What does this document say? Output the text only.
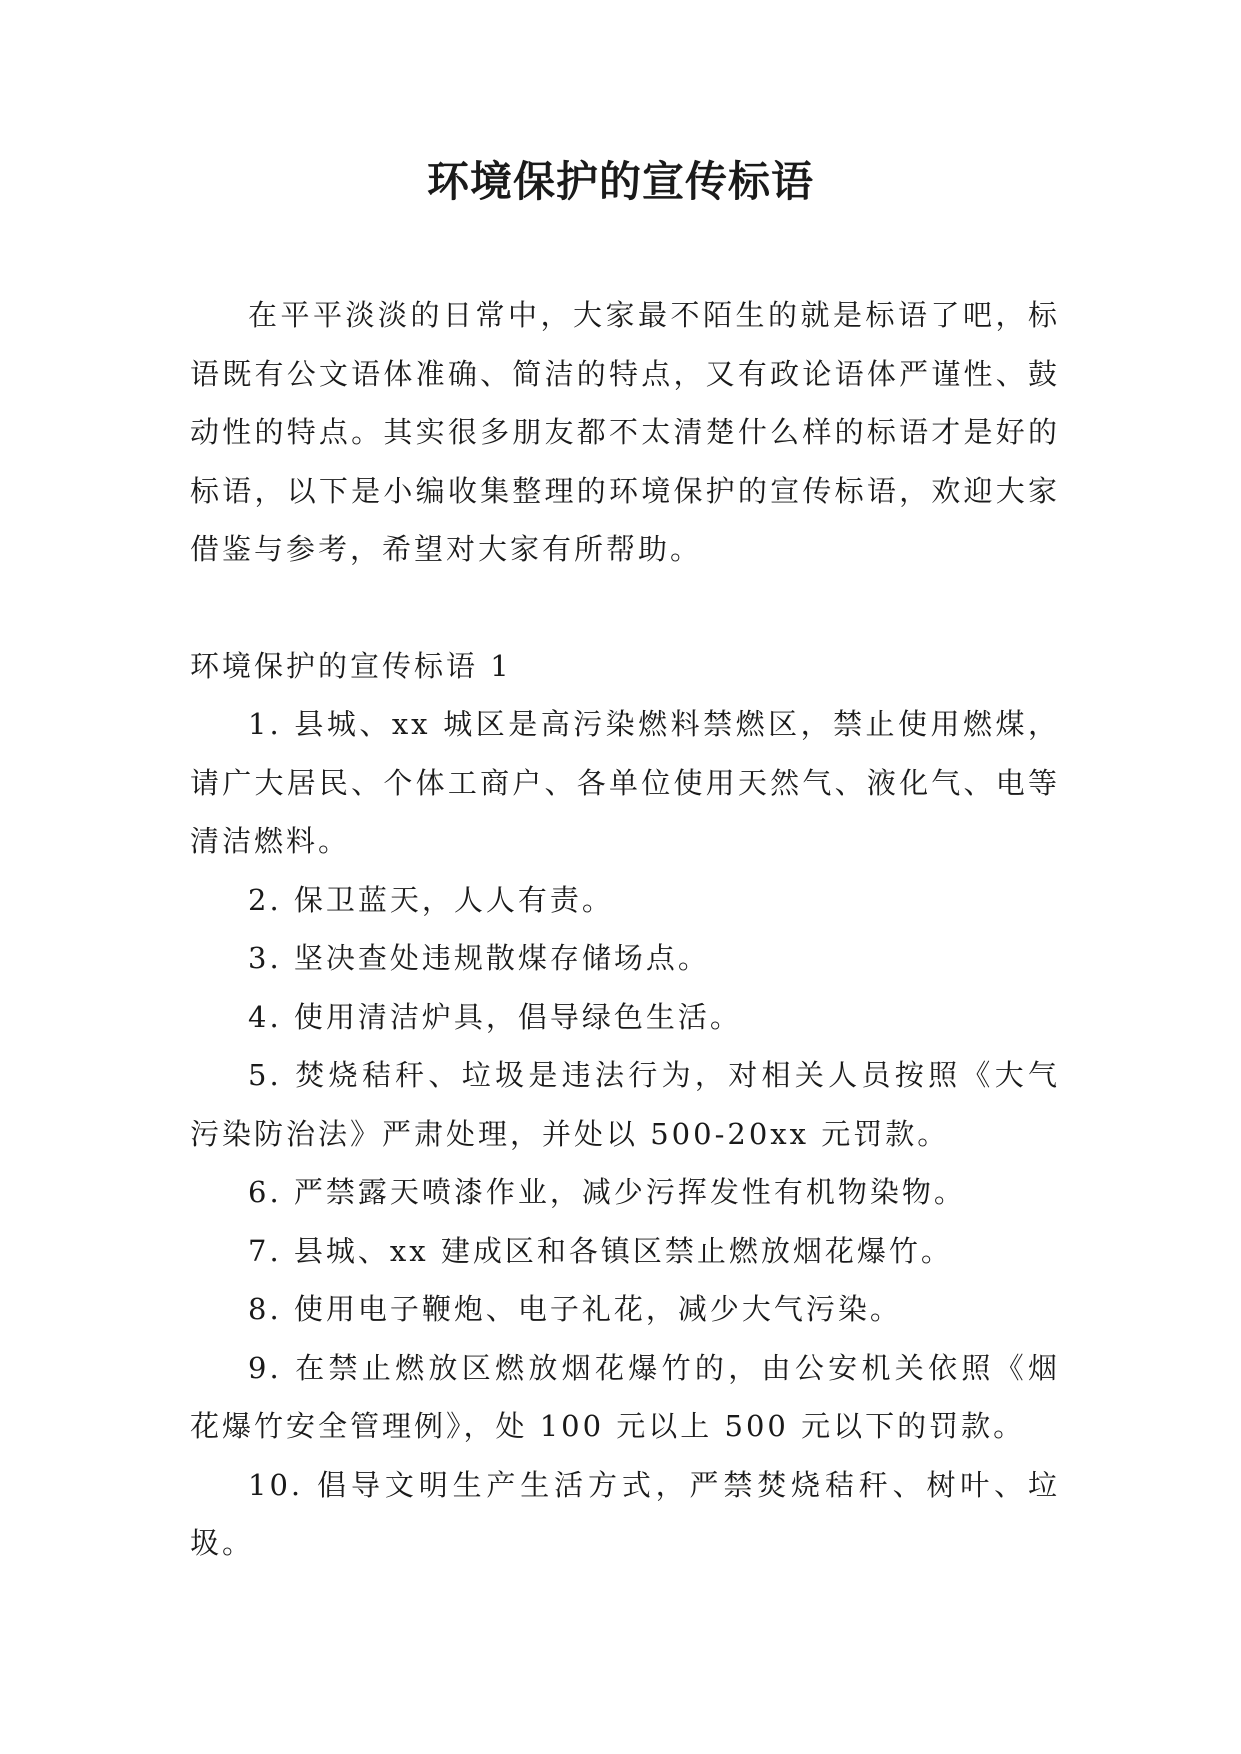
环境保护的宣传标语

在平平淡淡的日常中，大家最不陌生的就是标语了吧，标语既有公文语体准确、简洁的特点，又有政论语体严谨性、鼓动性的特点。其实很多朋友都不太清楚什么样的标语才是好的标语，以下是小编收集整理的环境保护的宣传标语，欢迎大家借鉴与参考，希望对大家有所帮助。

环境保护的宣传标语 1

1. 县城、xx 城区是高污染燃料禁燃区，禁止使用燃煤，请广大居民、个体工商户、各单位使用天然气、液化气、电等清洁燃料。
2. 保卫蓝天，人人有责。
3. 坚决查处违规散煤存储场点。
4. 使用清洁炉具，倡导绿色生活。
5. 焚烧秸秆、垃圾是违法行为，对相关人员按照《大气污染防治法》严肃处理，并处以 500-20xx 元罚款。
6. 严禁露天喷漆作业，减少污挥发性有机物染物。
7. 县城、xx 建成区和各镇区禁止燃放烟花爆竹。
8. 使用电子鞭炮、电子礼花，减少大气污染。
9. 在禁止燃放区燃放烟花爆竹的，由公安机关依照《烟花爆竹安全管理例》，处 100 元以上 500 元以下的罚款。
10. 倡导文明生产生活方式，严禁焚烧秸秆、树叶、垃圾。
